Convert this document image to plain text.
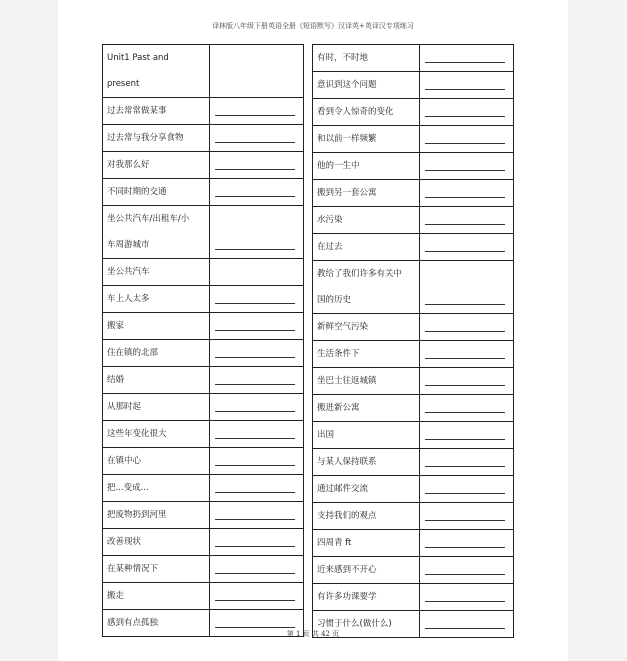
译林版八年级下册英语全册《短语默写》汉译英+英译汉专项练习
Unit1 Past and
present	

过去常常做某事	

过去常与我分享食物	

对我那么好	

不同时期的交通	

坐公共汽车/出租车/小
车周游城市	

坐公共汽车	

车上人太多	

搬家	

住在镇的北部	

结婚	

从那时起	

这些年变化很大	

在镇中心	

把...变成...	

把废物扔到河里	

改善现状	

在某种情况下	

搬走	

感到有点孤独	

有时，不时地	

意识到这个问题	

看到令人惊奇的变化	

和以前一样频繁	

他的一生中	

搬到另一套公寓	

水污染	

在过去	

教给了我们许多有关中
国的历史	

新鲜空气污染	

生活条件下	

坐巴士往返城镇	

搬进新公寓	

出国	

与某人保持联系	

通过邮件交流	

支持我们的观点	

四周青 ft	

近来感到不开心	

有许多功课要学	

习惯于什么(做什么)	

第 1 页 共 42 页
